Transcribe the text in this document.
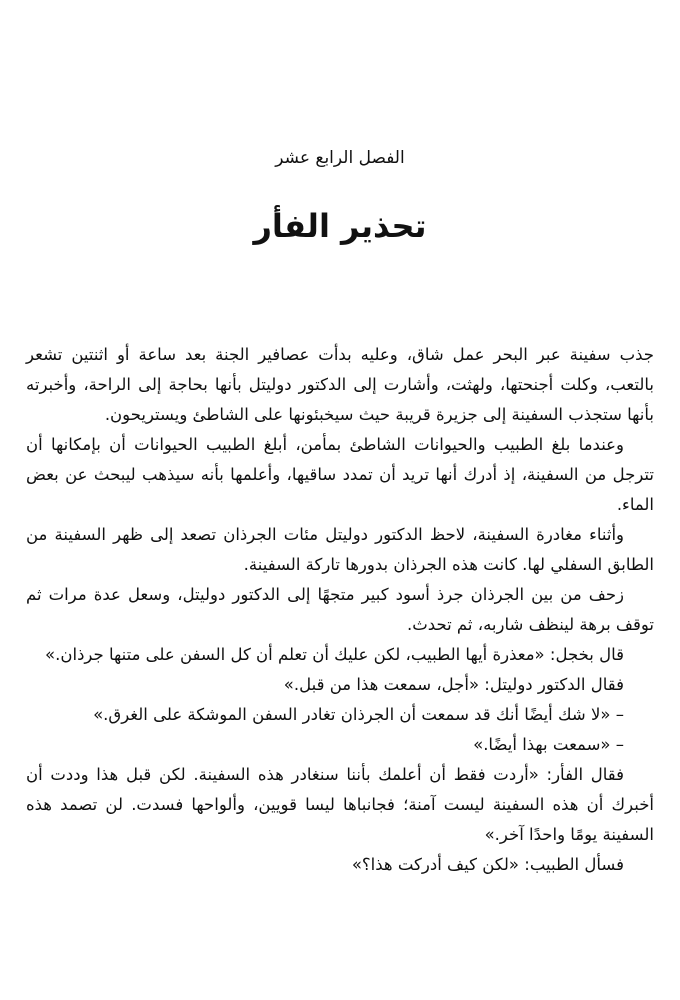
الفصل الرابع عشر
تحذير الفأر

جذب سفينة عبر البحر عمل شاق، وعليه بدأت عصافير الجنة بعد ساعة أو اثنتين تشعر بالتعب، وكلت أجنحتها، ولهثت، وأشارت إلى الدكتور دوليتل بأنها بحاجة إلى الراحة، وأخبرته بأنها ستجذب السفينة إلى جزيرة قريبة حيث سيخبئونها على الشاطئ ويستريحون.

وعندما بلغ الطبيب والحيوانات الشاطئ بمأمن، أبلغ الطبيب الحيوانات أن بإمكانها أن تترجل من السفينة، إذ أدرك أنها تريد أن تمدد ساقيها، وأعلمها بأنه سيذهب ليبحث عن بعض الماء.

وأثناء مغادرة السفينة، لاحظ الدكتور دوليتل مئات الجرذان تصعد إلى ظهر السفينة من الطابق السفلي لها. كانت هذه الجرذان بدورها تاركة السفينة.

زحف من بين الجرذان جرذ أسود كبير متجهًا إلى الدكتور دوليتل، وسعل عدة مرات ثم توقف برهة لينظف شاربه، ثم تحدث.

قال بخجل: «معذرة أيها الطبيب، لكن عليك أن تعلم أن كل السفن على متنها جرذان.»

فقال الدكتور دوليتل: «أجل، سمعت هذا من قبل.»

– «لا شك أيضًا أنك قد سمعت أن الجرذان تغادر السفن الموشكة على الغرق.»

– «سمعت بهذا أيضًا.»

فقال الفأر: «أردت فقط أن أعلمك بأننا سنغادر هذه السفينة. لكن قبل هذا وددت أن أخبرك أن هذه السفينة ليست آمنة؛ فجانباها ليسا قويين، وألواحها فسدت. لن تصمد هذه السفينة يومًا واحدًا آخر.»

فسأل الطبيب: «لكن كيف أدركت هذا؟»
